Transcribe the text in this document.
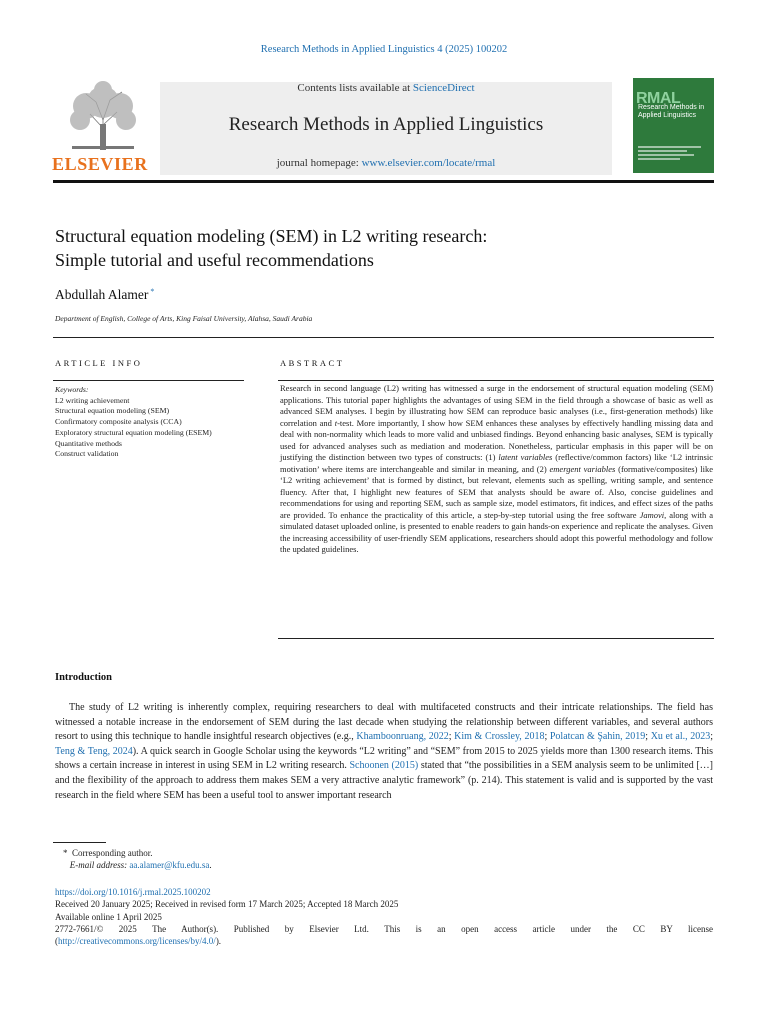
Research Methods in Applied Linguistics 4 (2025) 100202
ELSEVIER
Contents lists available at ScienceDirect
Research Methods in Applied Linguistics
journal homepage: www.elsevier.com/locate/rmal
RMAL
Research Methods in Applied Linguistics
Structural equation modeling (SEM) in L2 writing research:
Simple tutorial and useful recommendations
Abdullah Alamer *
Department of English, College of Arts, King Faisal University, Alahsa, Saudi Arabia
ARTICLE INFO	ABSTRACT
Keywords:
L2 writing achievement
Structural equation modeling (SEM)
Confirmatory composite analysis (CCA)
Exploratory structural equation modeling (ESEM)
Quantitative methods
Construct validation
Research in second language (L2) writing has witnessed a surge in the endorsement of structural equation modeling (SEM) applications. This tutorial paper highlights the advantages of using SEM in the field through a showcase of basic as well as advanced SEM analyses. I begin by illustrating how SEM can reproduce basic analyses (i.e., first-generation methods) like correlation and t-test. More importantly, I show how SEM enhances these analyses by effectively handling missing data and deal with non-normality which leads to more valid and unbiased findings. Beyond enhancing basic analyses, SEM is typically used for advanced analyses such as mediation and moderation. Nonetheless, particular emphasis in this paper will be on justifying the distinction between two types of constructs: (1) latent variables (reflective/common factors) like ‘L2 intrinsic motivation’ where items are interchangeable and similar in meaning, and (2) emergent variables (formative/composites) like ‘L2 writing achievement’ that is formed by distinct, but relevant, elements such as spelling, writing sample, and sentence fluency. After that, I highlight new features of SEM that analysts should be aware of. Also, concise guidelines and recommendations for using and reporting SEM, such as sample size, model estimators, fit indices, and effect sizes of the paths are provided. To enhance the practicality of this article, a step-by-step tutorial using the free software Jamovi, along with a simulated dataset uploaded online, is presented to enable readers to gain hands-on experience and replicate the analyses. Given the increasing accessibility of user-friendly SEM applications, researchers should adopt this powerful methodology and follow the updated guidelines.
Introduction
The study of L2 writing is inherently complex, requiring researchers to deal with multifaceted constructs and their intricate relationships. The field has witnessed a notable increase in the endorsement of SEM during the last decade when studying the relationship between different variables, and several authors resort to using this technique to handle insightful research objectives (e.g., Khamboonruang, 2022; Kim & Crossley, 2018; Polatcan & Şahin, 2019; Xu et al., 2023; Teng & Teng, 2024). A quick search in Google Scholar using the keywords “L2 writing” and “SEM” from 2015 to 2025 yields more than 1300 research items. This shows a certain increase in interest in using SEM in L2 writing research. Schoonen (2015) stated that “the possibilities in a SEM analysis seem to be unlimited […] and the flexibility of the approach to address them makes SEM a very attractive analytic framework” (p. 214). This statement is valid and is supported by the vast research in the field where SEM has been a useful tool to answer important research
* Corresponding author.
E-mail address: aa.alamer@kfu.edu.sa.
https://doi.org/10.1016/j.rmal.2025.100202
Received 20 January 2025; Received in revised form 17 March 2025; Accepted 18 March 2025
Available online 1 April 2025
2772-7661/© 2025 The Author(s). Published by Elsevier Ltd. This is an open access article under the CC BY license
(http://creativecommons.org/licenses/by/4.0/).
